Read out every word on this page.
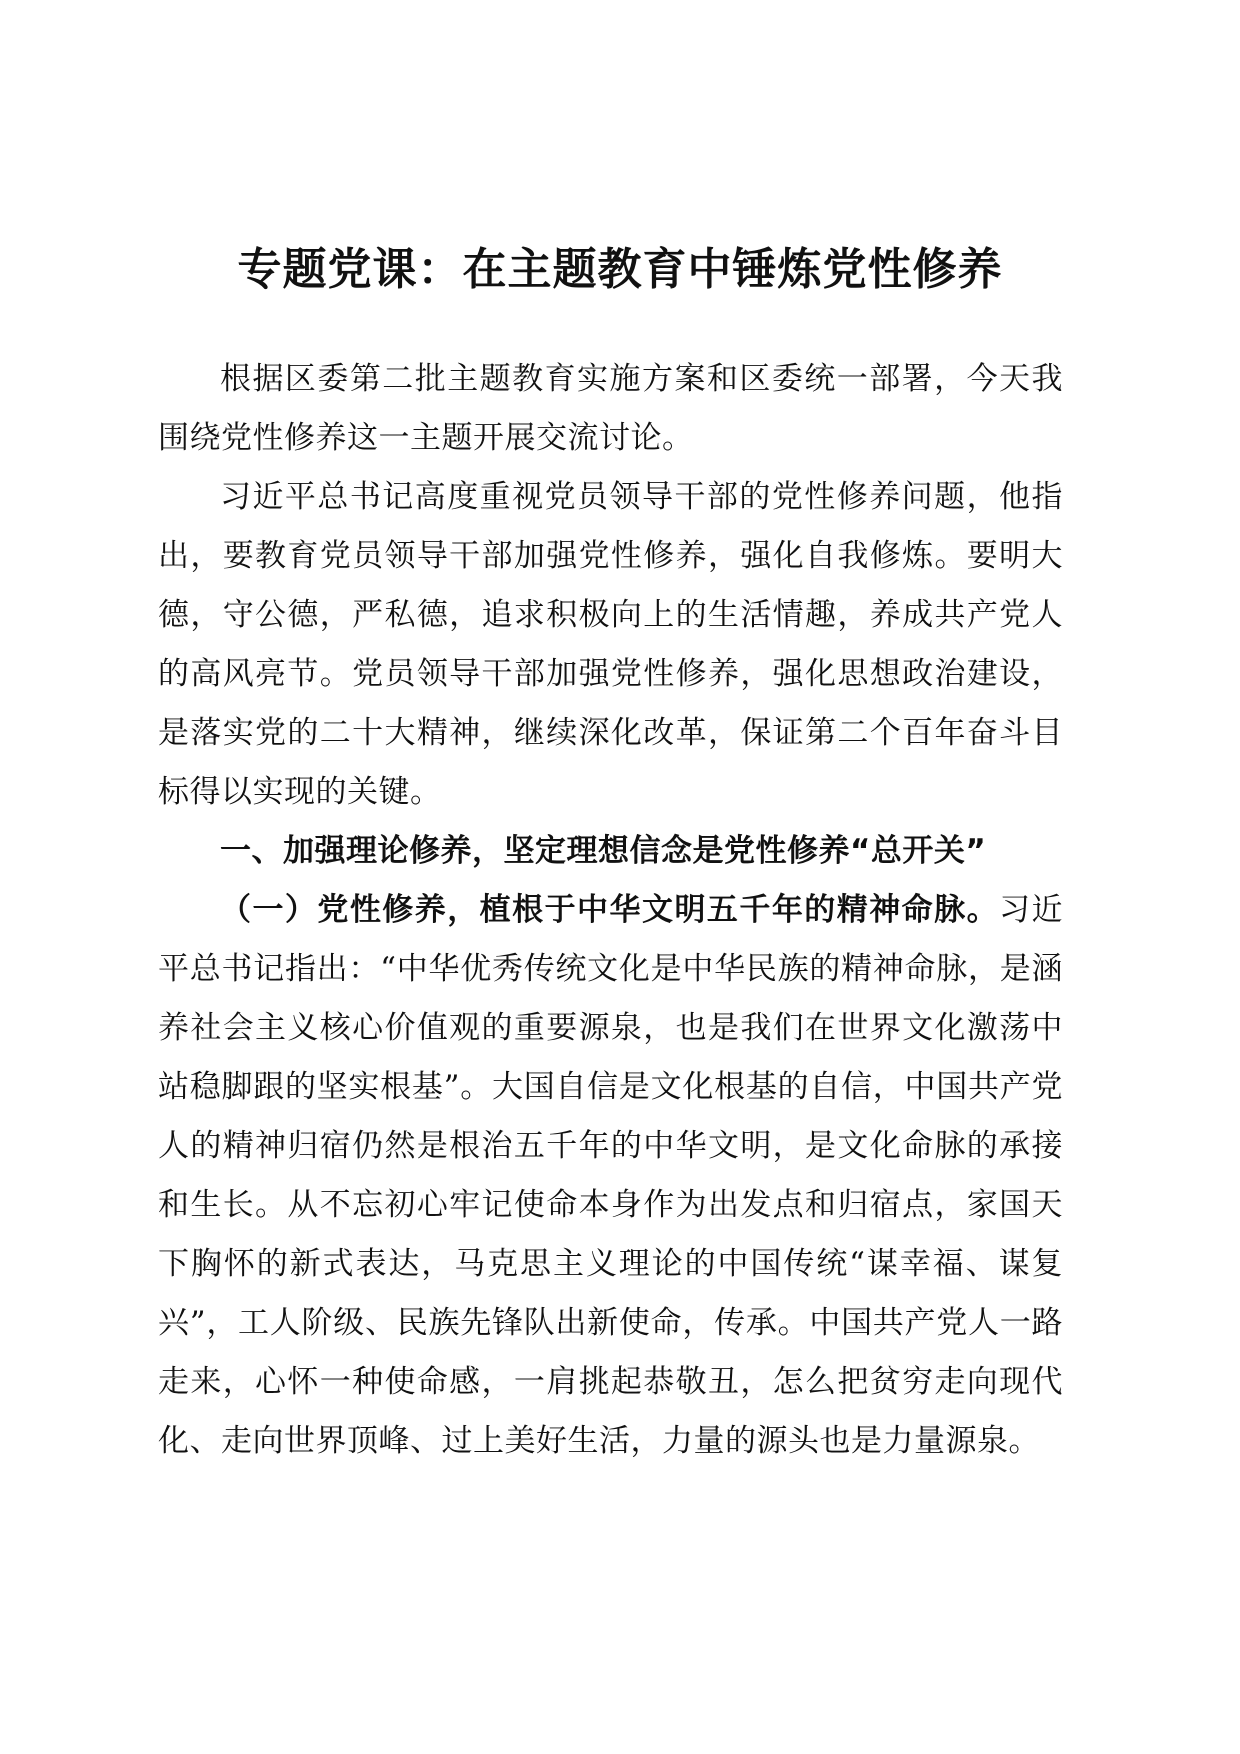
专题党课：在主题教育中锤炼党性修养

根据区委第二批主题教育实施方案和区委统一部署，今天我围绕党性修养这一主题开展交流讨论。

习近平总书记高度重视党员领导干部的党性修养问题，他指出，要教育党员领导干部加强党性修养，强化自我修炼。要明大德，守公德，严私德，追求积极向上的生活情趣，养成共产党人的高风亮节。党员领导干部加强党性修养，强化思想政治建设，是落实党的二十大精神，继续深化改革，保证第二个百年奋斗目标得以实现的关键。

一、加强理论修养，坚定理想信念是党性修养“总开关”

（一）党性修养，植根于中华文明五千年的精神命脉。习近平总书记指出：“中华优秀传统文化是中华民族的精神命脉，是涵养社会主义核心价值观的重要源泉，也是我们在世界文化激荡中站稳脚跟的坚实根基”。大国自信是文化根基的自信，中国共产党人的精神归宿仍然是根治五千年的中华文明，是文化命脉的承接和生长。从不忘初心牢记使命本身作为出发点和归宿点，家国天下胸怀的新式表达，马克思主义理论的中国传统“谋幸福、谋复兴”，工人阶级、民族先锋队出新使命，传承。中国共产党人一路走来，心怀一种使命感，一肩挑起恭敬丑，怎么把贫穷走向现代化、走向世界顶峰、过上美好生活，力量的源头也是力量源泉。
